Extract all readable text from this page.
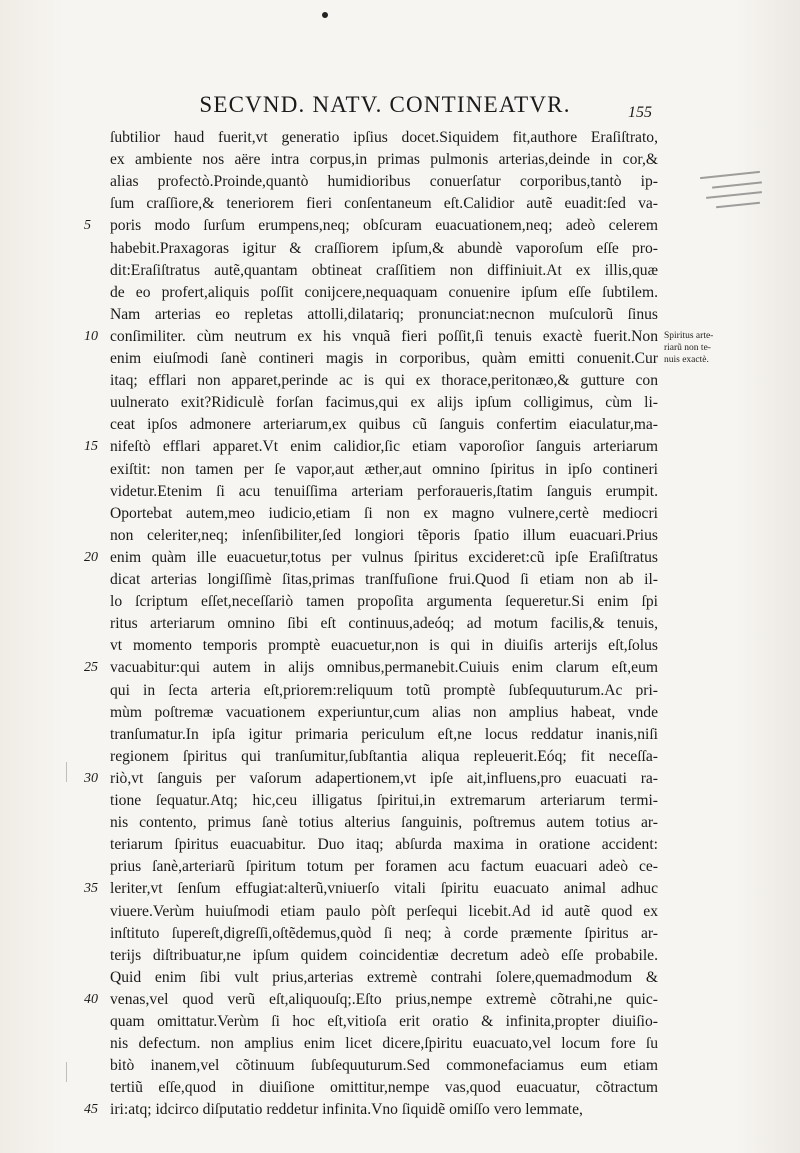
SECVND. NATV. CONTINEATVR.	155
ſubtilior haud fuerit,vt generatio ipſius docet.Siquidem fit,authore Eraſiſtrato,
ex ambiente nos aëre intra corpus,in primas pulmonis arterias,deinde in cor,&
alias profectò.Proinde,quantò humidioribus conuerſatur corporibus,tantò ip-
ſum craſſiore,& teneriorem fieri conſentaneum eſt.Calidior autẽ euadit:ſed va-
poris modo ſurſum erumpens,neq; obſcuram euacuationem,neq; adeò celerem
habebit.Praxagoras igitur & craſſiorem ipſum,& abundè vaporoſum eſſe pro-
dit:Eraſiſtratus autẽ,quantam obtineat craſſitiem non diffiniuit.At ex illis,quæ
de eo profert,aliquis poſſit conijcere,nequaquam conuenire ipſum eſſe ſubtilem.
Nam arterias eo repletas attolli,dilatariq; pronunciat:necnon muſculorũ ſinus
conſimiliter. cùm neutrum ex his vnquã fieri poſſit,ſi tenuis exactè fuerit.Non
enim eiuſmodi ſanè contineri magis in corporibus, quàm emitti conuenit.Cur
itaq; efflari non apparet,perinde ac is qui ex thorace,peritonæo,& gutture con
uulnerato exit?Ridiculè forſan facimus,qui ex alijs ipſum colligimus, cùm li-
ceat ipſos admonere arteriarum,ex quibus cũ ſanguis confertim eiaculatur,ma-
nifeſtò efflari apparet.Vt enim calidior,ſic etiam vaporoſior ſanguis arteriarum
exiſtit: non tamen per ſe vapor,aut æther,aut omnino ſpiritus in ipſo contineri
videtur.Etenim ſi acu tenuiſſima arteriam perforaueris,ſtatim ſanguis erumpit.
Oportebat autem,meo iudicio,etiam ſi non ex magno vulnere,certè mediocri
non celeriter,neq; inſenſibiliter,ſed longiori tẽporis ſpatio illum euacuari.Prius
enim quàm ille euacuetur,totus per vulnus ſpiritus excideret:cũ ipſe Eraſiſtratus
dicat arterias longiſſimè ſitas,primas tranſfuſione frui.Quod ſi etiam non ab il-
lo ſcriptum eſſet,neceſſariò tamen propoſita argumenta ſequeretur.Si enim ſpi
ritus arteriarum omnino ſibi eſt continuus,adeóq; ad motum facilis,& tenuis,
vt momento temporis promptè euacuetur,non is qui in diuiſis arterijs eſt,ſolus
vacuabitur:qui autem in alijs omnibus,permanebit.Cuiuis enim clarum eſt,eum
qui in ſecta arteria eſt,priorem:reliquum totũ promptè ſubſequuturum.Ac pri-
mùm poſtremæ vacuationem experiuntur,cum alias non amplius habeat, vnde
tranſumatur.In ipſa igitur primaria periculum eſt,ne locus reddatur inanis,niſi
regionem ſpiritus qui tranſumitur,ſubſtantia aliqua repleuerit.Eóq; fit neceſſa-
riò,vt ſanguis per vaſorum adapertionem,vt ipſe ait,influens,pro euacuati ra-
tione ſequatur.Atq; hic,ceu illigatus ſpiritui,in extremarum arteriarum termi-
nis contento, primus ſanè totius alterius ſanguinis, poſtremus autem totius ar-
teriarum ſpiritus euacuabitur. Duo itaq; abſurda maxima in oratione accident:
prius ſanè,arteriarũ ſpiritum totum per foramen acu factum euacuari adeò ce-
leriter,vt ſenſum effugiat:alterũ,vniuerſo vitali ſpiritu euacuato animal adhuc
viuere.Verùm huiuſmodi etiam paulo pòſt perſequi licebit.Ad id autẽ quod ex
inſtituto ſupereſt,digreſſi,oſtẽdemus,quòd ſi neq; à corde præmente ſpiritus ar-
terijs diſtribuatur,ne ipſum quidem coincidentiæ decretum adeò eſſe probabile.
Quid enim ſibi vult prius,arterias extremè contrahi ſolere,quemadmodum &
venas,vel quod verũ eſt,aliquouſq;.Eſto prius,nempe extremè cõtrahi,ne quic-
quam omittatur.Verùm ſi hoc eſt,vitioſa erit oratio & infinita,propter diuiſio-
nis defectum. non amplius enim licet dicere,ſpiritu euacuato,vel locum fore ſu
bitò inanem,vel cõtinuum ſubſequuturum.Sed commonefaciamus eum etiam
tertiũ eſſe,quod in diuiſione omittitur,nempe vas,quod euacuatur, cõtractum
iri:atq; idcirco diſputatio reddetur infinita.Vno ſiquidẽ omiſſo vero lemmate,
5
10
15
20
25
30
35
40
45
Spiritus arte-
riarũ non te-
nuis exactè.
